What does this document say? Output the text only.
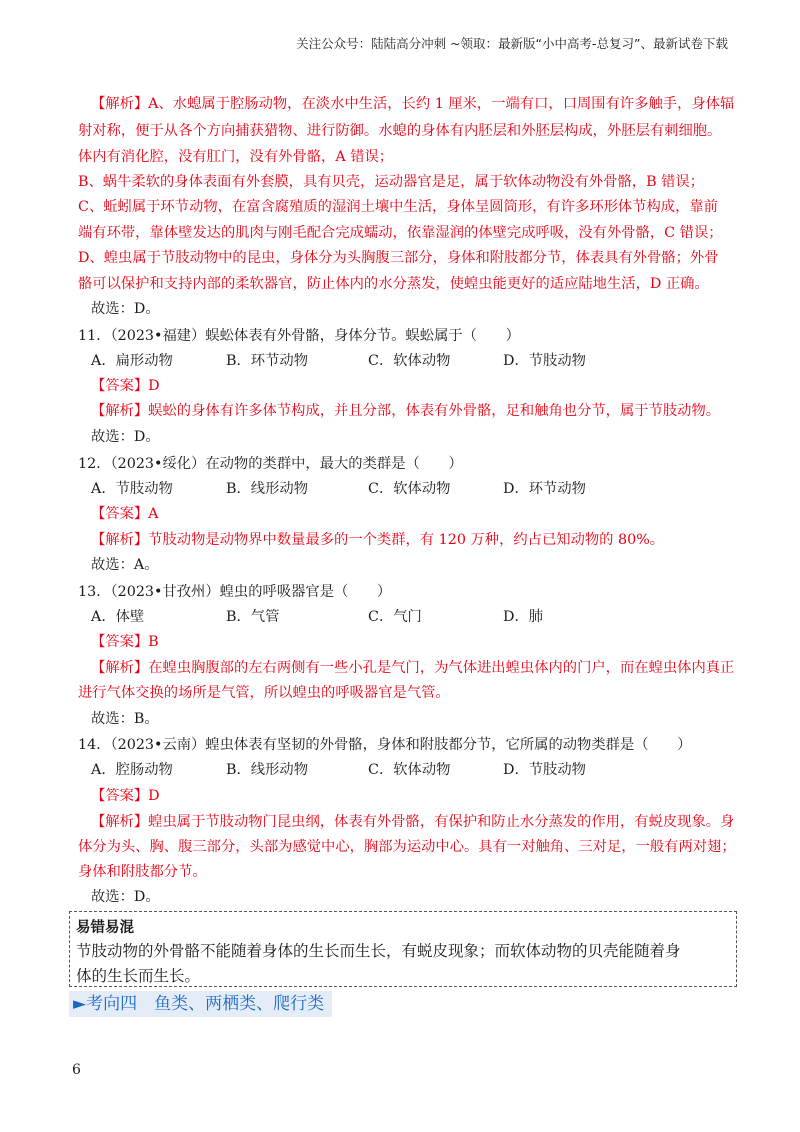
关注公众号：陆陆高分冲刺 ~领取：最新版“小中高考-总复习”、最新试卷下载
【解析】A、水螅属于腔肠动物，在淡水中生活，长约 1 厘米，一端有口，口周围有许多触手，身体辐
射对称，便于从各个方向捕获猎物、进行防御。水螅的身体有内胚层和外胚层构成，外胚层有刺细胞。
体内有消化腔，没有肛门，没有外骨骼，A 错误；
B、蜗牛柔软的身体表面有外套膜，具有贝壳，运动器官是足，属于软体动物没有外骨骼，B 错误；
C、蚯蚓属于环节动物，在富含腐殖质的湿润土壤中生活，身体呈圆筒形，有许多环形体节构成，靠前
端有环带，靠体壁发达的肌肉与刚毛配合完成蠕动，依靠湿润的体壁完成呼吸，没有外骨骼，C 错误；
D、蝗虫属于节肢动物中的昆虫，身体分为头胸腹三部分，身体和附肢都分节，体表具有外骨骼；外骨
骼可以保护和支持内部的柔软器官，防止体内的水分蒸发，使蝗虫能更好的适应陆地生活，D 正确。
故选：D。
11．（2023•福建）蜈蚣体表有外骨骼，身体分节。蜈蚣属于（　　）
A．扁形动物	B．环节动物	C．软体动物	D．节肢动物
【答案】D
【解析】蜈蚣的身体有许多体节构成，并且分部，体表有外骨骼，足和触角也分节，属于节肢动物。
故选：D。
12．（2023•绥化）在动物的类群中，最大的类群是（　　）
A．节肢动物	B．线形动物	C．软体动物	D．环节动物
【答案】A
【解析】节肢动物是动物界中数量最多的一个类群，有 120 万种，约占已知动物的 80%。
故选：A。
13．（2023•甘孜州）蝗虫的呼吸器官是（　　）
A．体壁	B．气管	C．气门	D．肺
【答案】B
【解析】在蝗虫胸腹部的左右两侧有一些小孔是气门，为气体进出蝗虫体内的门户，而在蝗虫体内真正
进行气体交换的场所是气管，所以蝗虫的呼吸器官是气管。
故选：B。
14．（2023•云南）蝗虫体表有坚韧的外骨骼，身体和附肢都分节，它所属的动物类群是（　　）
A．腔肠动物	B．线形动物	C．软体动物	D．节肢动物
【答案】D
【解析】蝗虫属于节肢动物门昆虫纲，体表有外骨骼，有保护和防止水分蒸发的作用，有蜕皮现象。身
体分为头、胸、腹三部分，头部为感觉中心，胸部为运动中心。具有一对触角、三对足，一般有两对翅；
身体和附肢都分节。
故选：D。
易错易混
节肢动物的外骨骼不能随着身体的生长而生长，有蜕皮现象；而软体动物的贝壳能随着身
体的生长而生长。
►考向四　鱼类、两栖类、爬行类
6
